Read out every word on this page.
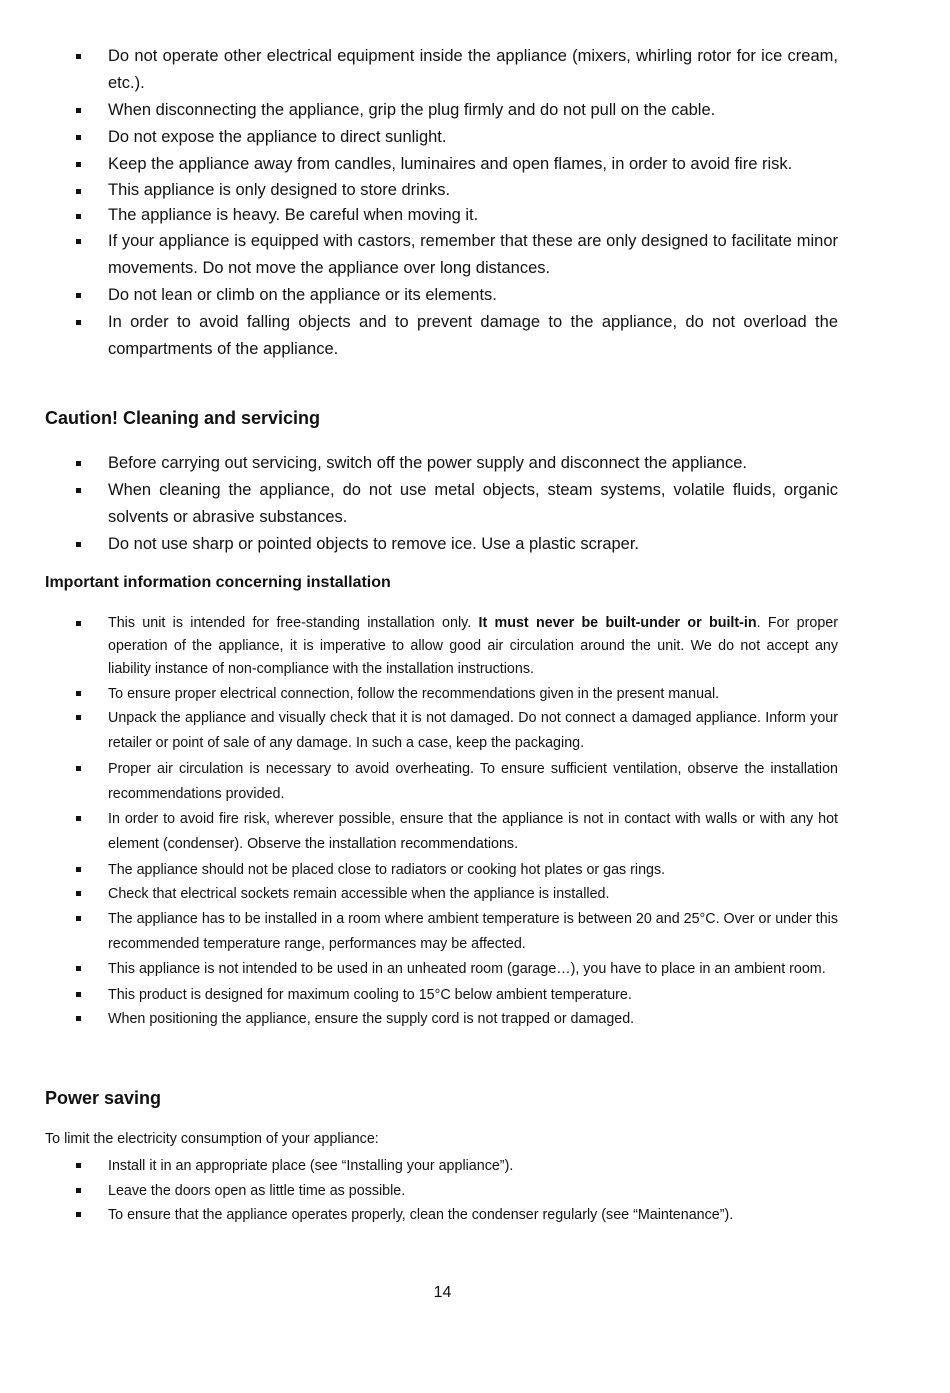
Do not operate other electrical equipment inside the appliance (mixers, whirling rotor for ice cream, etc.).
When disconnecting the appliance, grip the plug firmly and do not pull on the cable.
Do not expose the appliance to direct sunlight.
Keep the appliance away from candles, luminaires and open flames, in order to avoid fire risk.
This appliance is only designed to store drinks.
The appliance is heavy. Be careful when moving it.
If your appliance is equipped with castors, remember that these are only designed to facilitate minor movements. Do not move the appliance over long distances.
Do not lean or climb on the appliance or its elements.
In order to avoid falling objects and to prevent damage to the appliance, do not overload the compartments of the appliance.
Caution! Cleaning and servicing
Before carrying out servicing, switch off the power supply and disconnect the appliance.
When cleaning the appliance, do not use metal objects, steam systems, volatile fluids, organic solvents or abrasive substances.
Do not use sharp or pointed objects to remove ice. Use a plastic scraper.
Important information concerning installation
This unit is intended for free-standing installation only. It must never be built-under or built-in. For proper operation of the appliance, it is imperative to allow good air circulation around the unit. We do not accept any liability instance of non-compliance with the installation instructions.
To ensure proper electrical connection, follow the recommendations given in the present manual.
Unpack the appliance and visually check that it is not damaged. Do not connect a damaged appliance. Inform your retailer or point of sale of any damage. In such a case, keep the packaging.
Proper air circulation is necessary to avoid overheating. To ensure sufficient ventilation, observe the installation recommendations provided.
In order to avoid fire risk, wherever possible, ensure that the appliance is not in contact with walls or with any hot element (condenser). Observe the installation recommendations.
The appliance should not be placed close to radiators or cooking hot plates or gas rings.
Check that electrical sockets remain accessible when the appliance is installed.
The appliance has to be installed in a room where ambient temperature is between 20 and 25°C. Over or under this recommended temperature range, performances may be affected.
This appliance is not intended to be used in an unheated room (garage…), you have to place in an ambient room.
This product is designed for maximum cooling to 15°C below ambient temperature.
When positioning the appliance, ensure the supply cord is not trapped or damaged.
Power saving

To limit the electricity consumption of your appliance:

Install it in an appropriate place (see “Installing your appliance”).
Leave the doors open as little time as possible.
To ensure that the appliance operates properly, clean the condenser regularly (see “Maintenance”).
14
